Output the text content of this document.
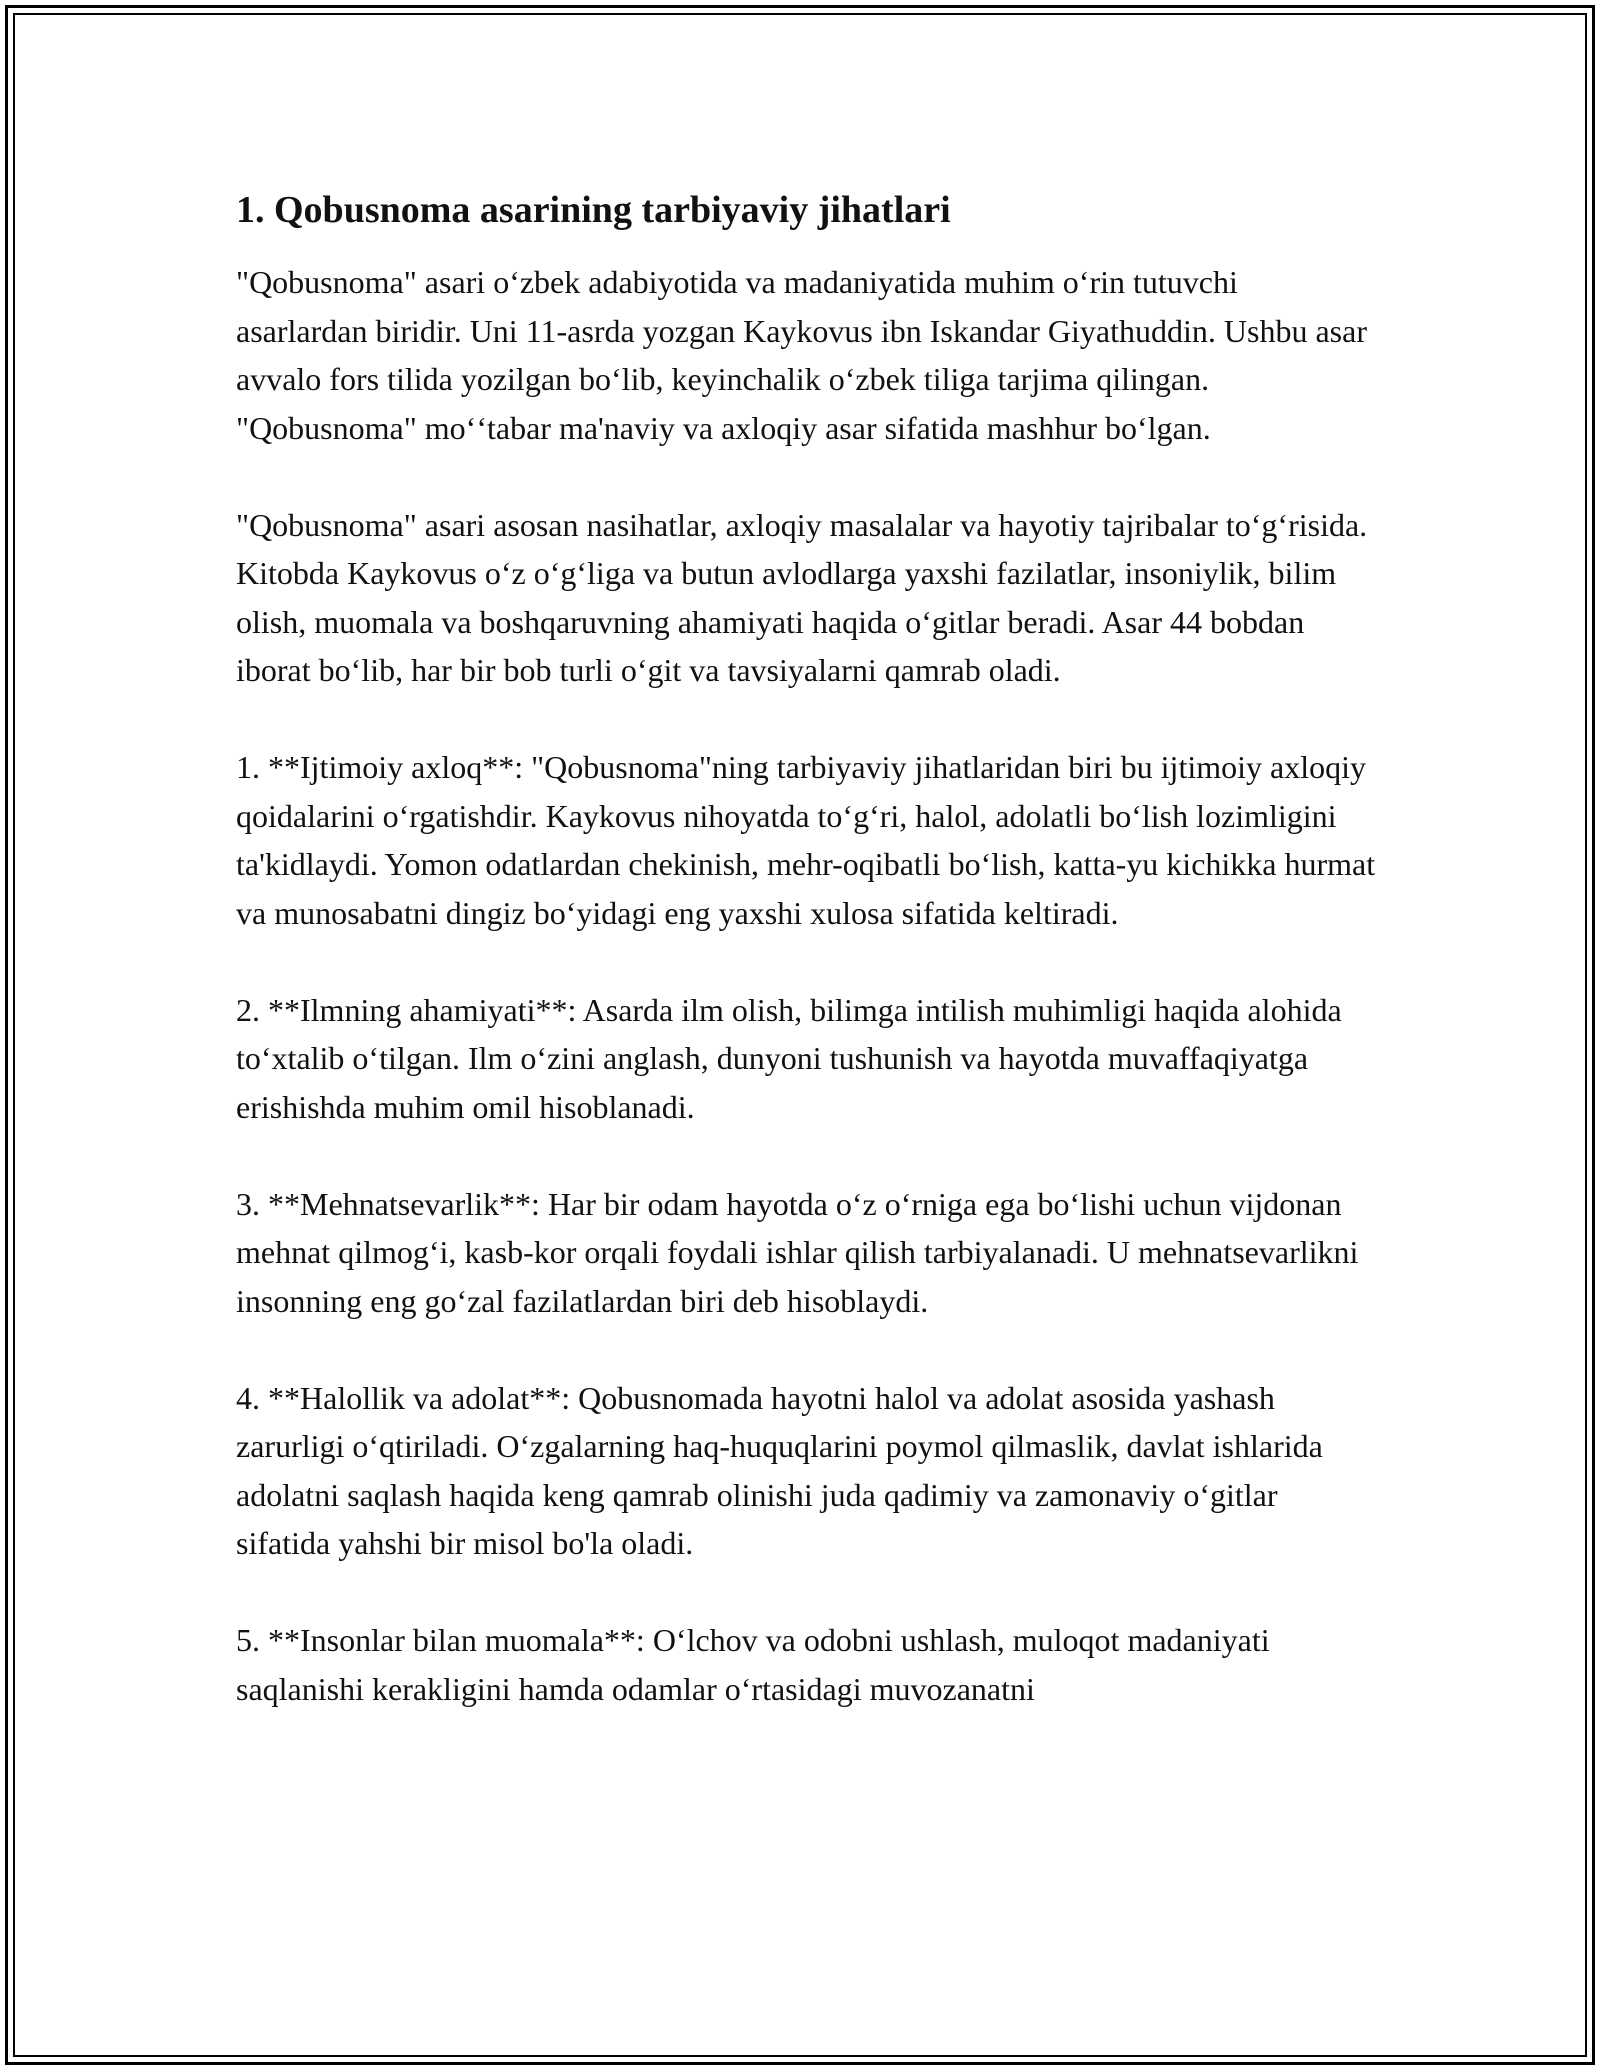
1. Qobusnoma asarining tarbiyaviy jihatlari

"Qobusnoma" asari oʻzbek adabiyotida va madaniyatida muhim oʻrin tutuvchi asarlardan biridir. Uni 11-asrda yozgan Kaykovus ibn Iskandar Giyathuddin. Ushbu asar avvalo fors tilida yozilgan boʻlib, keyinchalik oʻzbek tiliga tarjima qilingan. "Qobusnoma" moʻʻtabar ma'naviy va axloqiy asar sifatida mashhur boʻlgan.

"Qobusnoma" asari asosan nasihatlar, axloqiy masalalar va hayotiy tajribalar toʻgʻrisida. Kitobda Kaykovus oʻz oʻgʻliga va butun avlodlarga yaxshi fazilatlar, insoniylik, bilim olish, muomala va boshqaruvning ahamiyati haqida oʻgitlar beradi. Asar 44 bobdan iborat boʻlib, har bir bob turli oʻgit va tavsiyalarni qamrab oladi.

1. **Ijtimoiy axloq**: "Qobusnoma"ning tarbiyaviy jihatlaridan biri bu ijtimoiy axloqiy qoidalarini oʻrgatishdir. Kaykovus nihoyatda toʻgʻri, halol, adolatli boʻlish lozimligini ta'kidlaydi. Yomon odatlardan chekinish, mehr-oqibatli boʻlish, katta-yu kichikka hurmat va munosabatni dingiz boʻyidagi eng yaxshi xulosa sifatida keltiradi.

2. **Ilmning ahamiyati**: Asarda ilm olish, bilimga intilish muhimligi haqida alohida toʻxtalib oʻtilgan. Ilm oʻzini anglash, dunyoni tushunish va hayotda muvaffaqiyatga erishishda muhim omil hisoblanadi.

3. **Mehnatsevarlik**: Har bir odam hayotda oʻz oʻrniga ega boʻlishi uchun vijdonan mehnat qilmogʻi, kasb-kor orqali foydali ishlar qilish tarbiyalanadi. U mehnatsevarlikni insonning eng goʻzal fazilatlardan biri deb hisoblaydi.

4. **Halollik va adolat**: Qobusnomada hayotni halol va adolat asosida yashash zarurligi oʻqtiriladi. Oʻzgalarning haq-huquqlarini poymol qilmaslik, davlat ishlarida adolatni saqlash haqida keng qamrab olinishi juda qadimiy va zamonaviy oʻgitlar sifatida yahshi bir misol bo'la oladi.

5. **Insonlar bilan muomala**: Oʻlchov va odobni ushlash, muloqot madaniyati saqlanishi kerakligini hamda odamlar oʻrtasidagi muvozanatni
